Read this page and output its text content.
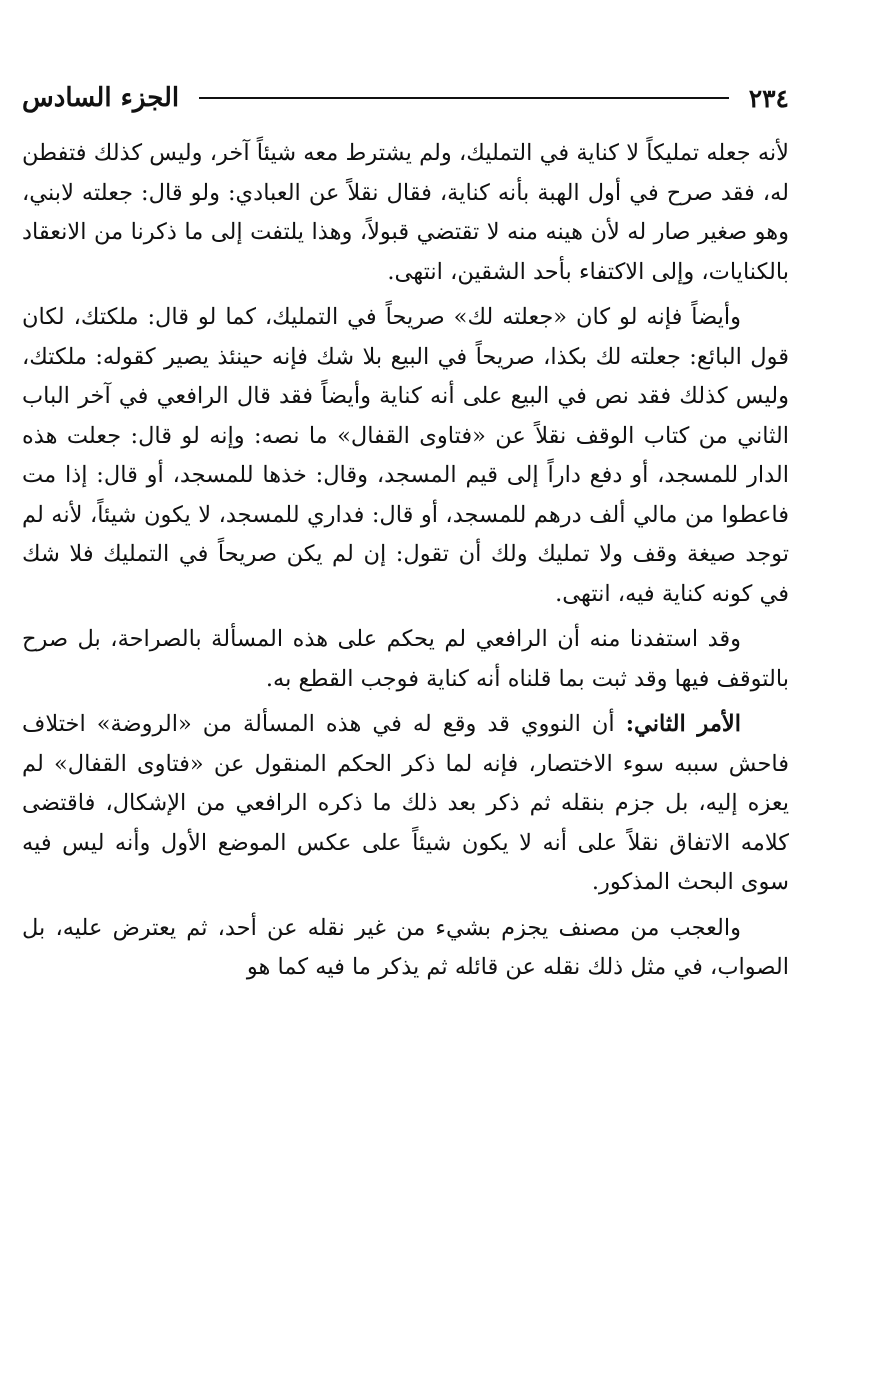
٢٣٤
الجزء السادس

لأنه جعله تمليكاً لا كناية في التمليك، ولم يشترط معه شيئاً آخر، وليس كذلك فتفطن له، فقد صرح في أول الهبة بأنه كناية، فقال نقلاً عن العبادي: ولو قال: جعلته لابني، وهو صغير صار له لأن هينه منه لا تقتضي قبولاً، وهذا يلتفت إلى ما ذكرنا من الانعقاد بالكنايات، وإلى الاكتفاء بأحد الشقين، انتهى.

وأيضاً فإنه لو كان «جعلته لك» صريحاً في التمليك، كما لو قال: ملكتك، لكان قول البائع: جعلته لك بكذا، صريحاً في البيع بلا شك فإنه حينئذ يصير كقوله: ملكتك، وليس كذلك فقد نص في البيع على أنه كناية وأيضاً فقد قال الرافعي في آخر الباب الثاني من كتاب الوقف نقلاً عن «فتاوى القفال» ما نصه: وإنه لو قال: جعلت هذه الدار للمسجد، أو دفع داراً إلى قيم المسجد، وقال: خذها للمسجد، أو قال: إذا مت فاعطوا من مالي ألف درهم للمسجد، أو قال: فداري للمسجد، لا يكون شيئاً، لأنه لم توجد صيغة وقف ولا تمليك ولك أن تقول: إن لم يكن صريحاً في التمليك فلا شك في كونه كناية فيه، انتهى.

وقد استفدنا منه أن الرافعي لم يحكم على هذه المسألة بالصراحة، بل صرح بالتوقف فيها وقد ثبت بما قلناه أنه كناية فوجب القطع به.

الأمر الثاني: أن النووي قد وقع له في هذه المسألة من «الروضة» اختلاف فاحش سببه سوء الاختصار، فإنه لما ذكر الحكم المنقول عن «فتاوى القفال» لم يعزه إليه، بل جزم بنقله ثم ذكر بعد ذلك ما ذكره الرافعي من الإشكال، فاقتضى كلامه الاتفاق نقلاً على أنه لا يكون شيئاً على عكس الموضع الأول وأنه ليس فيه سوى البحث المذكور.

والعجب من مصنف يجزم بشيء من غير نقله عن أحد، ثم يعترض عليه، بل الصواب، في مثل ذلك نقله عن قائله ثم يذكر ما فيه كما هو
